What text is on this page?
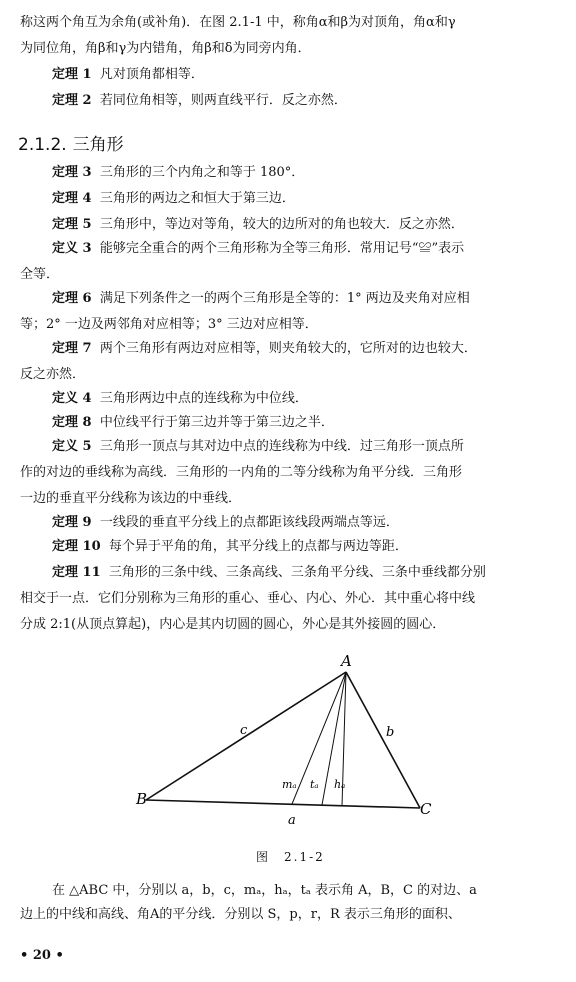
称这两个角互为余角(或补角)．在图 2.1-1 中，称角α和β为对顶角，角α和γ
为同位角，角β和γ为内错角，角β和δ为同旁内角．
定理 1 凡对顶角都相等．
定理 2 若同位角相等，则两直线平行．反之亦然．
2.1.2. 三角形
定理 3 三角形的三个内角之和等于 180°．
定理 4 三角形的两边之和恒大于第三边．
定理 5 三角形中，等边对等角，较大的边所对的角也较大．反之亦然．
定义 3 能够完全重合的两个三角形称为全等三角形．常用记号“≌”表示
全等．
定理 6 满足下列条件之一的两个三角形是全等的：1° 两边及夹角对应相
等；2° 一边及两邻角对应相等；3° 三边对应相等．
定理 7 两个三角形有两边对应相等，则夹角较大的，它所对的边也较大．
反之亦然．
定义 4 三角形两边中点的连线称为中位线．
定理 8 中位线平行于第三边并等于第三边之半．
定义 5 三角形一顶点与其对边中点的连线称为中线．过三角形一顶点所
作的对边的垂线称为高线．三角形的一内角的二等分线称为角平分线．三角形
一边的垂直平分线称为该边的中垂线．
定理 9 一线段的垂直平分线上的点都距该线段两端点等远．
定理 10 每个异于平角的角，其平分线上的点都与两边等距．
定理 11 三角形的三条中线、三条高线、三条角平分线、三条中垂线都分别
相交于一点．它们分别称为三角形的重心、垂心、内心、外心．其中重心将中线
分成 2:1(从顶点算起)，内心是其内切圆的圆心，外心是其外接圆的圆心．
A
B
C
c	b
a
mₐ tₐ hₐ
图　2.1-2
在 △ABC 中，分别以 a，b，c，mₐ，hₐ，tₐ 表示角 A，B，C 的对边、a
边上的中线和高线、角A的平分线．分别以 S，p，r，R 表示三角形的面积、
• 20 •
